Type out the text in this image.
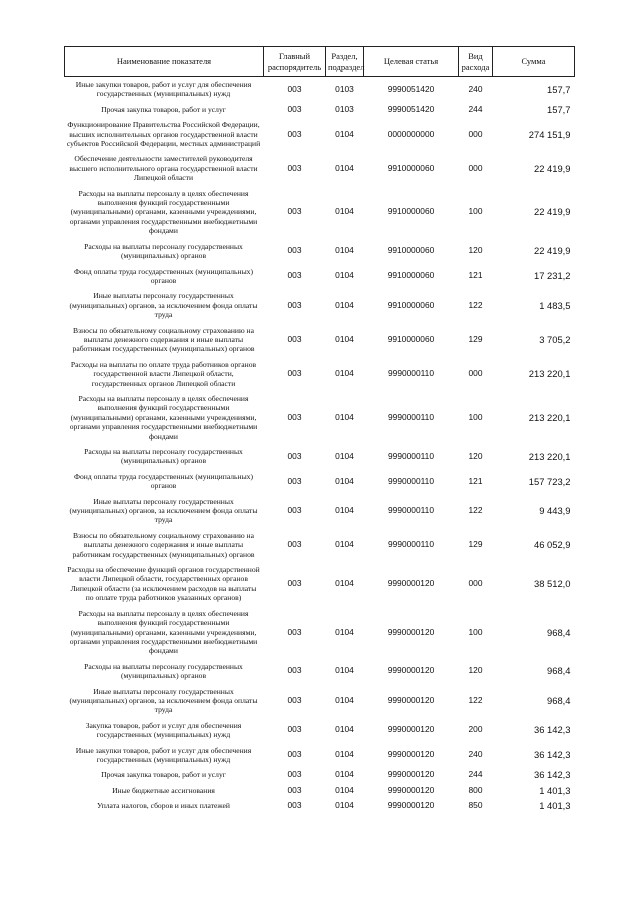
Наименование показателя	Главный распорядитель	Раздел, подраздел	Целевая статья	Вид расхода	Сумма
Иные закупки товаров, работ и услуг для обеспечения государственных (муниципальных) нужд	003	0103	9990051420	240	157,7
Прочая закупка товаров, работ и услуг	003	0103	9990051420	244	157,7
Функционирование Правительства Российской Федерации, высших исполнительных органов государственной власти субъектов Российской Федерации, местных администраций	003	0104	0000000000	000	274 151,9
Обеспечение деятельности заместителей руководителя высшего исполнительного органа государственной власти Липецкой области	003	0104	9910000060	000	22 419,9
Расходы на выплаты персоналу в целях обеспечения выполнения функций государственными (муниципальными) органами, казенными учреждениями, органами управления государственными внебюджетными фондами	003	0104	9910000060	100	22 419,9
Расходы на выплаты персоналу государственных (муниципальных) органов	003	0104	9910000060	120	22 419,9
Фонд оплаты труда государственных (муниципальных) органов	003	0104	9910000060	121	17 231,2
Иные выплаты персоналу государственных (муниципальных) органов, за исключением фонда оплаты труда	003	0104	9910000060	122	1 483,5
Взносы по обязательному социальному страхованию на выплаты денежного содержания и иные выплаты работникам государственных (муниципальных) органов	003	0104	9910000060	129	3 705,2
Расходы на выплаты по оплате труда работников органов государственной власти Липецкой области, государственных органов Липецкой области	003	0104	9990000110	000	213 220,1
Расходы на выплаты персоналу в целях обеспечения выполнения функций государственными (муниципальными) органами, казенными учреждениями, органами управления государственными внебюджетными фондами	003	0104	9990000110	100	213 220,1
Расходы на выплаты персоналу государственных (муниципальных) органов	003	0104	9990000110	120	213 220,1
Фонд оплаты труда государственных (муниципальных) органов	003	0104	9990000110	121	157 723,2
Иные выплаты персоналу государственных (муниципальных) органов, за исключением фонда оплаты труда	003	0104	9990000110	122	9 443,9
Взносы по обязательному социальному страхованию на выплаты денежного содержания и иные выплаты работникам государственных (муниципальных) органов	003	0104	9990000110	129	46 052,9
Расходы на обеспечение функций органов государственной власти Липецкой области, государственных органов Липецкой области (за исключением расходов на выплаты по оплате труда работников указанных органов)	003	0104	9990000120	000	38 512,0
Расходы на выплаты персоналу в целях обеспечения выполнения функций государственными (муниципальными) органами, казенными учреждениями, органами управления государственными внебюджетными фондами	003	0104	9990000120	100	968,4
Расходы на выплаты персоналу государственных (муниципальных) органов	003	0104	9990000120	120	968,4
Иные выплаты персоналу государственных (муниципальных) органов, за исключением фонда оплаты труда	003	0104	9990000120	122	968,4
Закупка товаров, работ и услуг для обеспечения государственных (муниципальных) нужд	003	0104	9990000120	200	36 142,3
Иные закупки товаров, работ и услуг для обеспечения государственных (муниципальных) нужд	003	0104	9990000120	240	36 142,3
Прочая закупка товаров, работ и услуг	003	0104	9990000120	244	36 142,3
Иные бюджетные ассигнования	003	0104	9990000120	800	1 401,3
Уплата налогов, сборов и иных платежей	003	0104	9990000120	850	1 401,3
